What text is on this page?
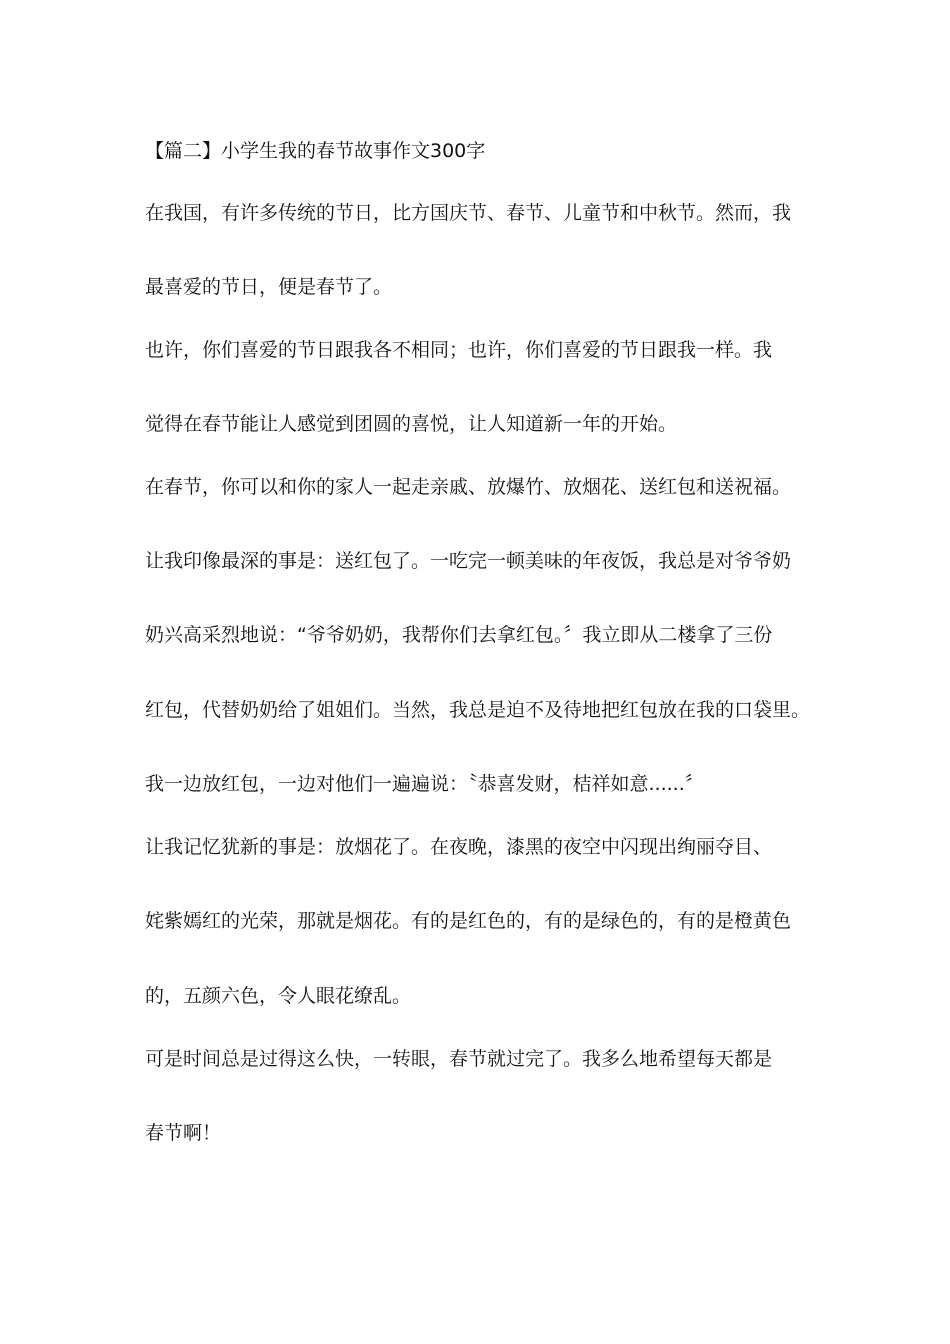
【篇二】小学生我的春节故事作文300字
在我国，有许多传统的节日，比方国庆节、春节、儿童节和中秋节。然而，我
最喜爱的节日，便是春节了。
也许，你们喜爱的节日跟我各不相同；也许，你们喜爱的节日跟我一样。我
觉得在春节能让人感觉到团圆的喜悦，让人知道新一年的开始。
在春节，你可以和你的家人一起走亲戚、放爆竹、放烟花、送红包和送祝福。
让我印像最深的事是：送红包了。一吃完一顿美味的年夜饭，我总是对爷爷奶
奶兴高采烈地说：“爷爷奶奶，我帮你们去拿红包。〞我立即从二楼拿了三份
红包，代替奶奶给了姐姐们。当然，我总是迫不及待地把红包放在我的口袋里。
我一边放红包，一边对他们一遍遍说：〝恭喜发财，桔祥如意......〞
让我记忆犹新的事是：放烟花了。在夜晚，漆黑的夜空中闪现出绚丽夺目、
姹紫嫣红的光荣，那就是烟花。有的是红色的，有的是绿色的，有的是橙黄色
的，五颜六色，令人眼花缭乱。
可是时间总是过得这么快，一转眼，春节就过完了。我多么地希望每天都是
春节啊！
